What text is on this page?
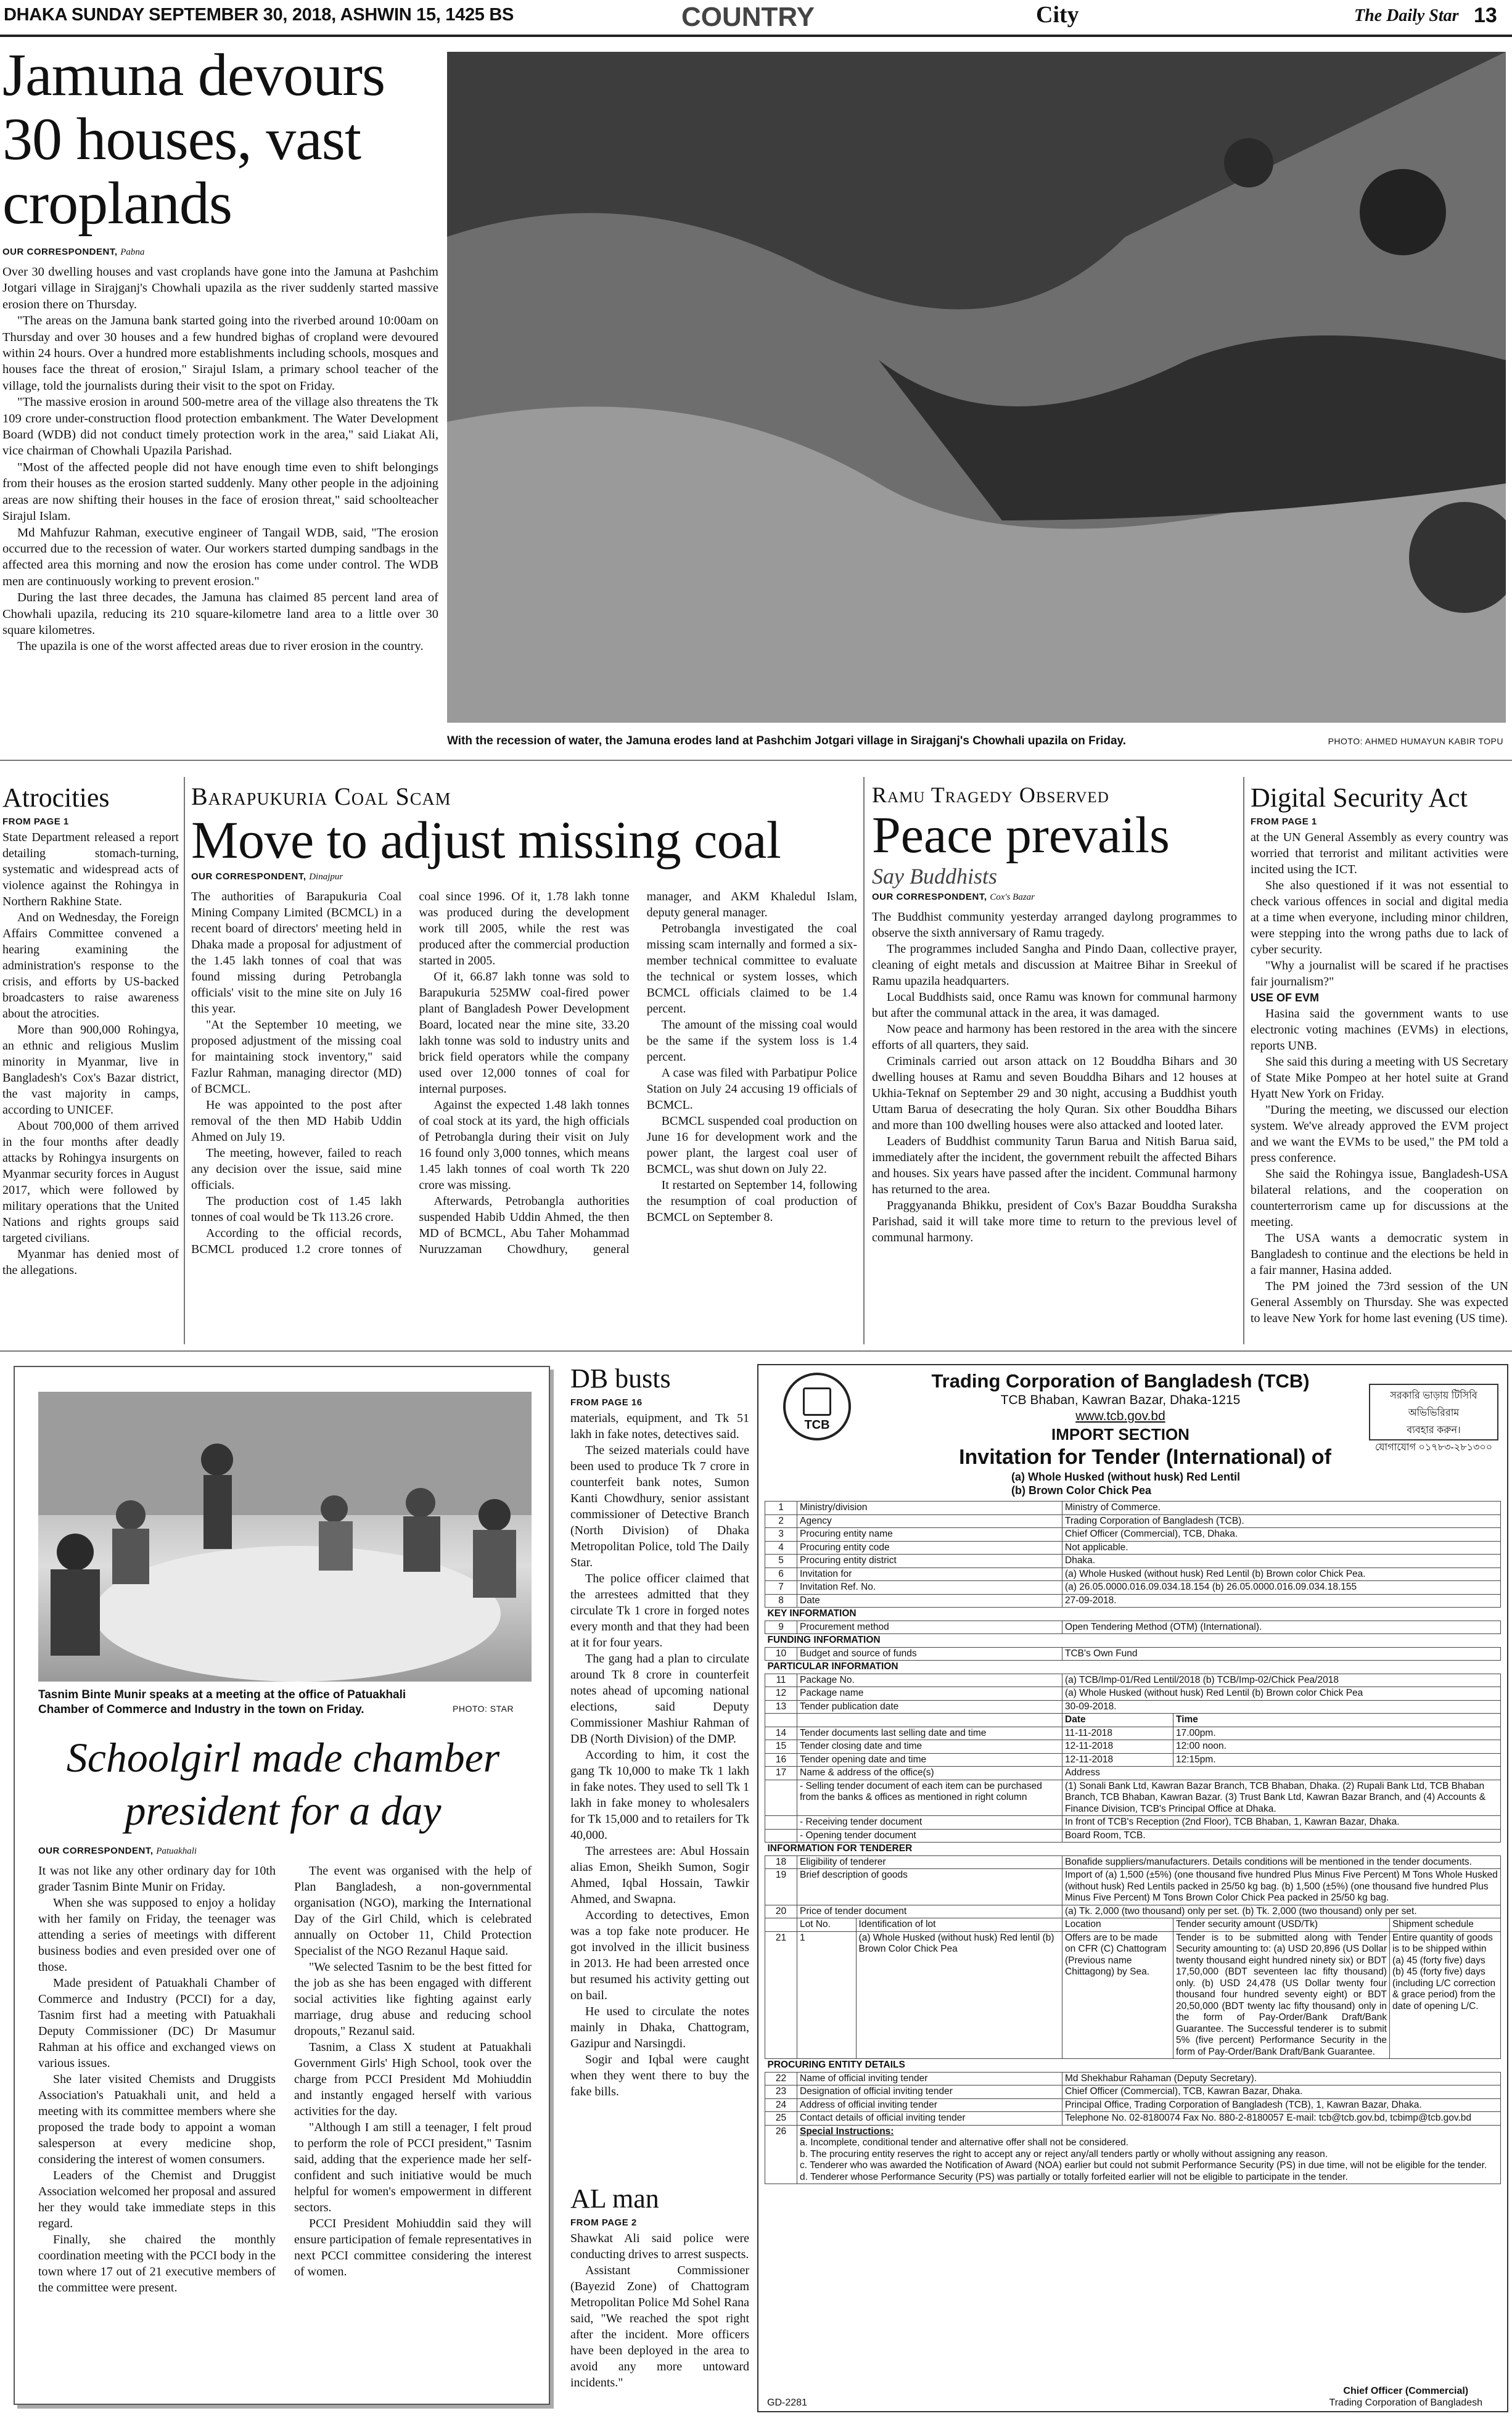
DHAKA SUNDAY SEPTEMBER 30, 2018, ASHWIN 15, 1425 BS	COUNTRY	City	The Daily Star 13
Jamuna devours 30 houses, vast croplands
OUR CORRESPONDENT, Pabna

Over 30 dwelling houses and vast croplands have gone into the Jamuna at Pashchim Jotgari village in Sirajganj's Chowhali upazila as the river suddenly started massive erosion there on Thursday.

"The areas on the Jamuna bank started going into the riverbed around 10:00am on Thursday and over 30 houses and a few hundred bighas of cropland were devoured within 24 hours. Over a hundred more establishments including schools, mosques and houses face the threat of erosion," Sirajul Islam, a primary school teacher of the village, told the journalists during their visit to the spot on Friday.

"The massive erosion in around 500-metre area of the village also threatens the Tk 109 crore under-construction flood protection embankment. The Water Development Board (WDB) did not conduct timely protection work in the area," said Liakat Ali, vice chairman of Chowhali Upazila Parishad.

"Most of the affected people did not have enough time even to shift belongings from their houses as the erosion started suddenly. Many other people in the adjoining areas are now shifting their houses in the face of erosion threat," said schoolteacher Sirajul Islam.

Md Mahfuzur Rahman, executive engineer of Tangail WDB, said, "The erosion occurred due to the recession of water. Our workers started dumping sandbags in the affected area this morning and now the erosion has come under control. The WDB men are continuously working to prevent erosion."

During the last three decades, the Jamuna has claimed 85 percent land area of Chowhali upazila, reducing its 210 square-kilometre land area to a little over 30 square kilometres.

The upazila is one of the worst affected areas due to river erosion in the country.

With the recession of water, the Jamuna erodes land at Pashchim Jotgari village in Sirajganj's Chowhali upazila on Friday.	PHOTO: AHMED HUMAYUN KABIR TOPU
Atrocities
FROM PAGE 1

State Department released a report detailing stomach-turning, systematic and widespread acts of violence against the Rohingya in Northern Rakhine State.

And on Wednesday, the Foreign Affairs Committee convened a hearing examining the administration's response to the crisis, and efforts by US-backed broadcasters to raise awareness about the atrocities.

More than 900,000 Rohingya, an ethnic and religious Muslim minority in Myanmar, live in Bangladesh's Cox's Bazar district, the vast majority in camps, according to UNICEF.

About 700,000 of them arrived in the four months after deadly attacks by Rohingya insurgents on Myanmar security forces in August 2017, which were followed by military operations that the United Nations and rights groups said targeted civilians.

Myanmar has denied most of the allegations.

Barapukuria Coal Scam
Move to adjust missing coal
OUR CORRESPONDENT, Dinajpur

The authorities of Barapukuria Coal Mining Company Limited (BCMCL) in a recent board of directors' meeting held in Dhaka made a proposal for adjustment of the 1.45 lakh tonnes of coal that was found missing during Petrobangla officials' visit to the mine site on July 16 this year.

"At the September 10 meeting, we proposed adjustment of the missing coal for maintaining stock inventory," said Fazlur Rahman, managing director (MD) of BCMCL.

He was appointed to the post after removal of the then MD Habib Uddin Ahmed on July 19.

The meeting, however, failed to reach any decision over the issue, said mine officials.

The production cost of 1.45 lakh tonnes of coal would be Tk 113.26 crore.

According to the official records, BCMCL produced 1.2 crore tonnes of coal since 1996. Of it, 1.78 lakh tonne was produced during the development work till 2005, while the rest was produced after the commercial production started in 2005.

Of it, 66.87 lakh tonne was sold to Barapukuria 525MW coal-fired power plant of Bangladesh Power Development Board, located near the mine site, 33.20 lakh tonne was sold to industry units and brick field operators while the company used over 12,000 tonnes of coal for internal purposes.

Against the expected 1.48 lakh tonnes of coal stock at its yard, the high officials of Petrobangla during their visit on July 16 found only 3,000 tonnes, which means 1.45 lakh tonnes of coal worth Tk 220 crore was missing.

Afterwards, Petrobangla authorities suspended Habib Uddin Ahmed, the then MD of BCMCL, Abu Taher Mohammad Nuruzzaman Chowdhury, general manager, and AKM Khaledul Islam, deputy general manager.

Petrobangla investigated the coal missing scam internally and formed a six-member technical committee to evaluate the technical or system losses, which BCMCL officials claimed to be 1.4 percent.

The amount of the missing coal would be the same if the system loss is 1.4 percent.

A case was filed with Parbatipur Police Station on July 24 accusing 19 officials of BCMCL.

BCMCL suspended coal production on June 16 for development work and the power plant, the largest coal user of BCMCL, was shut down on July 22.

It restarted on September 14, following the resumption of coal production of BCMCL on September 8.

Ramu Tragedy Observed
Peace prevails
Say Buddhists
OUR CORRESPONDENT, Cox's Bazar

The Buddhist community yesterday arranged daylong programmes to observe the sixth anniversary of Ramu tragedy.

The programmes included Sangha and Pindo Daan, collective prayer, cleaning of eight metals and discussion at Maitree Bihar in Sreekul of Ramu upazila headquarters.

Local Buddhists said, once Ramu was known for communal harmony but after the communal attack in the area, it was damaged.

Now peace and harmony has been restored in the area with the sincere efforts of all quarters, they said.

Criminals carried out arson attack on 12 Bouddha Bihars and 30 dwelling houses at Ramu and seven Bouddha Bihars and 12 houses at Ukhia-Teknaf on September 29 and 30 night, accusing a Buddhist youth Uttam Barua of desecrating the holy Quran. Six other Bouddha Bihars and more than 100 dwelling houses were also attacked and looted later.

Leaders of Buddhist community Tarun Barua and Nitish Barua said, immediately after the incident, the government rebuilt the affected Bihars and houses. Six years have passed after the incident. Communal harmony has returned to the area.

Praggyananda Bhikku, president of Cox's Bazar Bouddha Suraksha Parishad, said it will take more time to return to the previous level of communal harmony.

Digital Security Act
FROM PAGE 1

at the UN General Assembly as every country was worried that terrorist and militant activities were incited using the ICT.

She also questioned if it was not essential to check various offences in social and digital media at a time when everyone, including minor children, were stepping into the wrong paths due to lack of cyber security.

"Why a journalist will be scared if he practises fair journalism?"

USE OF EVM

Hasina said the government wants to use electronic voting machines (EVMs) in elections, reports UNB.

She said this during a meeting with US Secretary of State Mike Pompeo at her hotel suite at Grand Hyatt New York on Friday.

"During the meeting, we discussed our election system. We've already approved the EVM project and we want the EVMs to be used," the PM told a press conference.

She said the Rohingya issue, Bangladesh-USA bilateral relations, and the cooperation on counterterrorism came up for discussions at the meeting.

The USA wants a democratic system in Bangladesh to continue and the elections be held in a fair manner, Hasina added.

The PM joined the 73rd session of the UN General Assembly on Thursday. She was expected to leave New York for home last evening (US time).

Tasnim Binte Munir speaks at a meeting at the office of Patuakhali Chamber of Commerce and Industry in the town on Friday.	PHOTO: STAR
Schoolgirl made chamber president for a day
OUR CORRESPONDENT, Patuakhali

It was not like any other ordinary day for 10th grader Tasnim Binte Munir on Friday.

When she was supposed to enjoy a holiday with her family on Friday, the teenager was attending a series of meetings with different business bodies and even presided over one of those.

Made president of Patuakhali Chamber of Commerce and Industry (PCCI) for a day, Tasnim first had a meeting with Patuakhali Deputy Commissioner (DC) Dr Masumur Rahman at his office and exchanged views on various issues.

She later visited Chemists and Druggists Association's Patuakhali unit, and held a meeting with its committee members where she proposed the trade body to appoint a woman salesperson at every medicine shop, considering the interest of women consumers.

Leaders of the Chemist and Druggist Association welcomed her proposal and assured her they would take immediate steps in this regard.

Finally, she chaired the monthly coordination meeting with the PCCI body in the town where 17 out of 21 executive members of the committee were present.

The event was organised with the help of Plan Bangladesh, a non-governmental organisation (NGO), marking the International Day of the Girl Child, which is celebrated annually on October 11, Child Protection Specialist of the NGO Rezanul Haque said.

"We selected Tasnim to be the best fitted for the job as she has been engaged with different social activities like fighting against early marriage, drug abuse and reducing school dropouts," Rezanul said.

Tasnim, a Class X student at Patuakhali Government Girls' High School, took over the charge from PCCI President Md Mohiuddin and instantly engaged herself with various activities for the day.

"Although I am still a teenager, I felt proud to perform the role of PCCI president," Tasnim said, adding that the experience made her self-confident and such initiative would be much helpful for women's empowerment in different sectors.

PCCI President Mohiuddin said they will ensure participation of female representatives in next PCCI committee considering the interest of women.

DB busts
FROM PAGE 16

materials, equipment, and Tk 51 lakh in fake notes, detectives said.

The seized materials could have been used to produce Tk 7 crore in counterfeit bank notes, Sumon Kanti Chowdhury, senior assistant commissioner of Detective Branch (North Division) of Dhaka Metropolitan Police, told The Daily Star.

The police officer claimed that the arrestees admitted that they circulate Tk 1 crore in forged notes every month and that they had been at it for four years.

The gang had a plan to circulate around Tk 8 crore in counterfeit notes ahead of upcoming national elections, said Deputy Commissioner Mashiur Rahman of DB (North Division) of the DMP.

According to him, it cost the gang Tk 10,000 to make Tk 1 lakh in fake notes. They used to sell Tk 1 lakh in fake money to wholesalers for Tk 15,000 and to retailers for Tk 40,000.

The arrestees are: Abul Hossain alias Emon, Sheikh Sumon, Sogir Ahmed, Iqbal Hossain, Tawkir Ahmed, and Swapna.

According to detectives, Emon was a top fake note producer. He got involved in the illicit business in 2013. He had been arrested once but resumed his activity getting out on bail.

He used to circulate the notes mainly in Dhaka, Chattogram, Gazipur and Narsingdi.

Sogir and Iqbal were caught when they went there to buy the fake bills.

AL man
FROM PAGE 2

Shawkat Ali said police were conducting drives to arrest suspects.

Assistant Commissioner (Bayezid Zone) of Chattogram Metropolitan Police Md Sohel Rana said, "We reached the spot right after the incident. More officers have been deployed in the area to avoid any more untoward incidents."

TCB
Trading Corporation of Bangladesh (TCB)
TCB Bhaban, Kawran Bazar, Dhaka-1215
www.tcb.gov.bd
IMPORT SECTION
সরকারি ভাড়ায় টিসিবি অভিভিরিরাম
ব্যবহার করুন।
যোগাযোগ ০১৭৮৩-২৮১৩০০
Invitation for Tender (International) of
(a) Whole Husked (without husk) Red Lentil
(b) Brown Color Chick Pea
1	Ministry/division		Ministry of Commerce.		
2	Agency		Trading Corporation of Bangladesh (TCB).		
3	Procuring entity name		Chief Officer (Commercial), TCB, Dhaka.		
4	Procuring entity code		Not applicable.		
5	Procuring entity district		Dhaka.		
6	Invitation for		(a) Whole Husked (without husk) Red Lentil (b) Brown color Chick Pea.		
7	Invitation Ref. No.		(a) 26.05.0000.016.09.034.18.154 (b) 26.05.0000.016.09.034.18.155		
8	Date		27-09-2018.		
KEY INFORMATION					
9	Procurement method		Open Tendering Method (OTM) (International).		
FUNDING INFORMATION					
10	Budget and source of funds		TCB's Own Fund		
PARTICULAR INFORMATION					
11	Package No.		(a) TCB/Imp-01/Red Lentil/2018 (b) TCB/Imp-02/Chick Pea/2018		
12	Package name		(a) Whole Husked (without husk) Red Lentil (b) Brown color Chick Pea		
13	Tender publication date		30-09-2018.		
			Date	Time	
14	Tender documents last selling date and time		11-11-2018	17.00pm.	
15	Tender closing date and time		12-11-2018	12:00 noon.	
16	Tender opening date and time		12-11-2018	12:15pm.	
17	Name & address of the office(s)		Address		
	- Selling tender document of each item can be purchased from the banks & offices as mentioned in right column		(1) Sonali Bank Ltd, Kawran Bazar Branch, TCB Bhaban, Dhaka. (2) Rupali Bank Ltd, TCB Bhaban Branch, TCB Bhaban, Kawran Bazar. (3) Trust Bank Ltd, Kawran Bazar Branch, and (4) Accounts & Finance Division, TCB's Principal Office at Dhaka.		
	- Receiving tender document		In front of TCB's Reception (2nd Floor), TCB Bhaban, 1, Kawran Bazar, Dhaka.		
	- Opening tender document		Board Room, TCB.		
INFORMATION FOR TENDERER					
18	Eligibility of tenderer		Bonafide suppliers/manufacturers. Details conditions will be mentioned in the tender documents.		
19	Brief description of goods		Import of (a) 1,500 (±5%) (one thousand five hundred Plus Minus Five Percent) M Tons Whole Husked (without husk) Red Lentils packed in 25/50 kg bag. (b) 1,500 (±5%) (one thousand five hundred Plus Minus Five Percent) M Tons Brown Color Chick Pea packed in 25/50 kg bag.		
20	Price of tender document		(a) Tk. 2,000 (two thousand) only per set. (b) Tk. 2,000 (two thousand) only per set.		
	Lot No.	Identification of lot	Location	Tender security amount (USD/Tk)	Shipment schedule
21	1	(a) Whole Husked (without husk) Red lentil (b) Brown Color Chick Pea	Offers are to be made on CFR (C) Chattogram (Previous name Chittagong) by Sea.	Tender is to be submitted along with Tender Security amounting to: (a) USD 20,896 (US Dollar twenty thousand eight hundred ninety six) or BDT 17,50,000 (BDT seventeen lac fifty thousand) only. (b) USD 24,478 (US Dollar twenty four thousand four hundred seventy eight) or BDT 20,50,000 (BDT twenty lac fifty thousand) only in the form of Pay-Order/Bank Draft/Bank Guarantee. The Successful tenderer is to submit 5% (five percent) Performance Security in the form of Pay-Order/Bank Draft/Bank Guarantee.	Entire quantity of goods is to be shipped within (a) 45 (forty five) days (b) 45 (forty five) days (including L/C correction & grace period) from the date of opening L/C.
PROCURING ENTITY DETAILS					
22	Name of official inviting tender		Md Shekhabur Rahaman (Deputy Secretary).		
23	Designation of official inviting tender		Chief Officer (Commercial), TCB, Kawran Bazar, Dhaka.		
24	Address of official inviting tender		Principal Office, Trading Corporation of Bangladesh (TCB), 1, Kawran Bazar, Dhaka.		
25	Contact details of official inviting tender		Telephone No. 02-8180074 Fax No. 880-2-8180057 E-mail: tcb@tcb.gov.bd, tcbimp@tcb.gov.bd		
26	Special Instructions:
a. Incomplete, conditional tender and alternative offer shall not be considered.
b. The procuring entity reserves the right to accept any or reject any/all tenders partly or wholly without assigning any reason.
c. Tenderer who was awarded the Notification of Award (NOA) earlier but could not submit Performance Security (PS) in due time, will not be eligible for the tender.
d. Tenderer whose Performance Security (PS) was partially or totally forfeited earlier will not be eligible to participate in the tender.				
GD-2281
Chief Officer (Commercial)
Trading Corporation of Bangladesh
